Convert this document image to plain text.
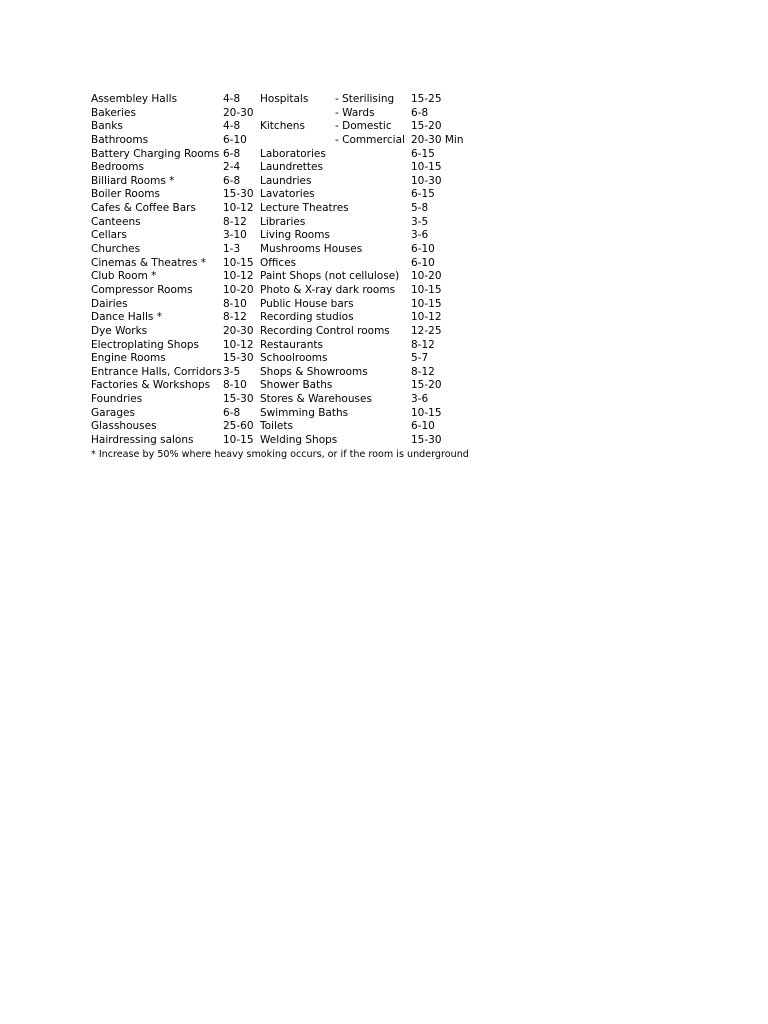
Assembley Halls	4-8 Hospitals	- Sterilising 15-25
Bakeries	20-30	- Wards	6-8
Banks	4-8 Kitchens	- Domestic 15-20
Bathrooms	6-10	- Commercial 20-30 Min
Battery Charging Rooms 6-8 Laboratories	6-15
Bedrooms	2-4 Laundrettes	10-15
Billiard Rooms *	6-8 Laundries	10-30
Boiler Rooms	15-30 Lavatories	6-15
Cafes & Coffee Bars	10-12 Lecture Theatres	5-8
Canteens	8-12 Libraries	3-5
Cellars	3-10 Living Rooms	3-6
Churches	1-3 Mushrooms Houses	6-10
Cinemas & Theatres * 10-15 Offices	6-10
Club Room *	10-12 Paint Shops (not cellulose) 10-20
Compressor Rooms	10-20 Photo & X-ray dark rooms 10-15
Dairies	8-10 Public House bars	10-15
Dance Halls *	8-12 Recording studios	10-12
Dye Works	20-30 Recording Control rooms 12-25
Electroplating Shops 10-12 Restaurants	8-12
Engine Rooms	15-30 Schoolrooms	5-7
Entrance Halls, Corridors 3-5 Shops & Showrooms	8-12
Factories & Workshops 8-10 Shower Baths	15-20
Foundries	15-30 Stores & Warehouses	3-6
Garages	6-8 Swimming Baths	10-15
Glasshouses	25-60 Toilets	6-10
Hairdressing salons	10-15 Welding Shops	15-30
* Increase by 50% where heavy smoking occurs, or if the room is underground
